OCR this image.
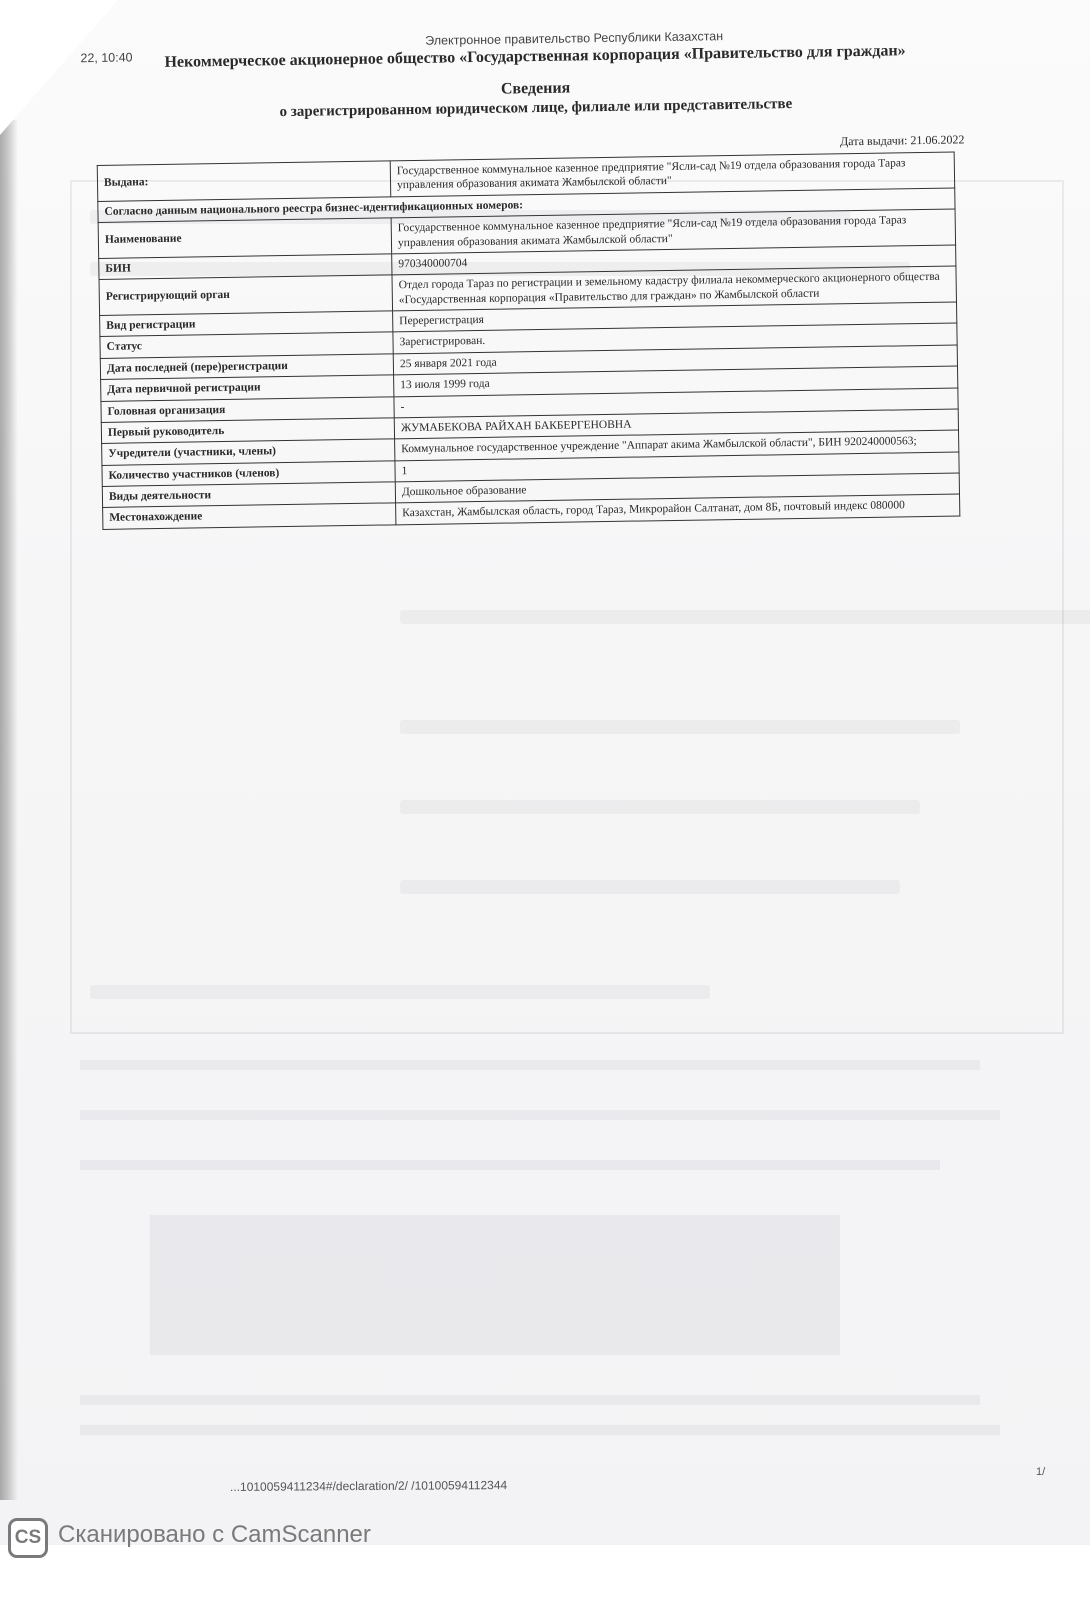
22, 10:40
Электронное правительство Республики Казахстан
Некоммерческое акционерное общество «Государственная корпорация «Правительство для граждан»
Сведения
о зарегистрированном юридическом лице, филиале или представительстве
Дата выдачи: 21.06.2022
Выдана:	Государственное коммунальное казенное предприятие "Ясли-сад №19 отдела образования города Тараз управления образования акимата Жамбылской области"
Согласно данным национального реестра бизнес-идентификационных номеров:	
Наименование	Государственное коммунальное казенное предприятие "Ясли-сад №19 отдела образования города Тараз управления образования акимата Жамбылской области"
БИН	970340000704
Регистрирующий орган	Отдел города Тараз по регистрации и земельному кадастру филиала некоммерческого акционерного общества «Государственная корпорация «Правительство для граждан» по Жамбылской области
Вид регистрации	Перерегистрация
Статус	Зарегистрирован.
Дата последней (пере)регистрации	25 января 2021 года
Дата первичной регистрации	13 июля 1999 года
Головная организация	-
Первый руководитель	ЖУМАБЕКОВА РАЙХАН БАКБЕРГЕНОВНА
Учредители (участники, члены)	Коммунальное государственное учреждение "Аппарат акима Жамбылской области", БИН 920240000563;
Количество участников (членов)	1
Виды деятельности	Дошкольное образование
Местонахождение	Казахстан, Жамбылская область, город Тараз, Микрорайон Салтанат, дом 8Б, почтовый индекс 080000
...1010059411234#/declaration/2/ /10100594112344
1/
CS Сканировано с CamScanner
